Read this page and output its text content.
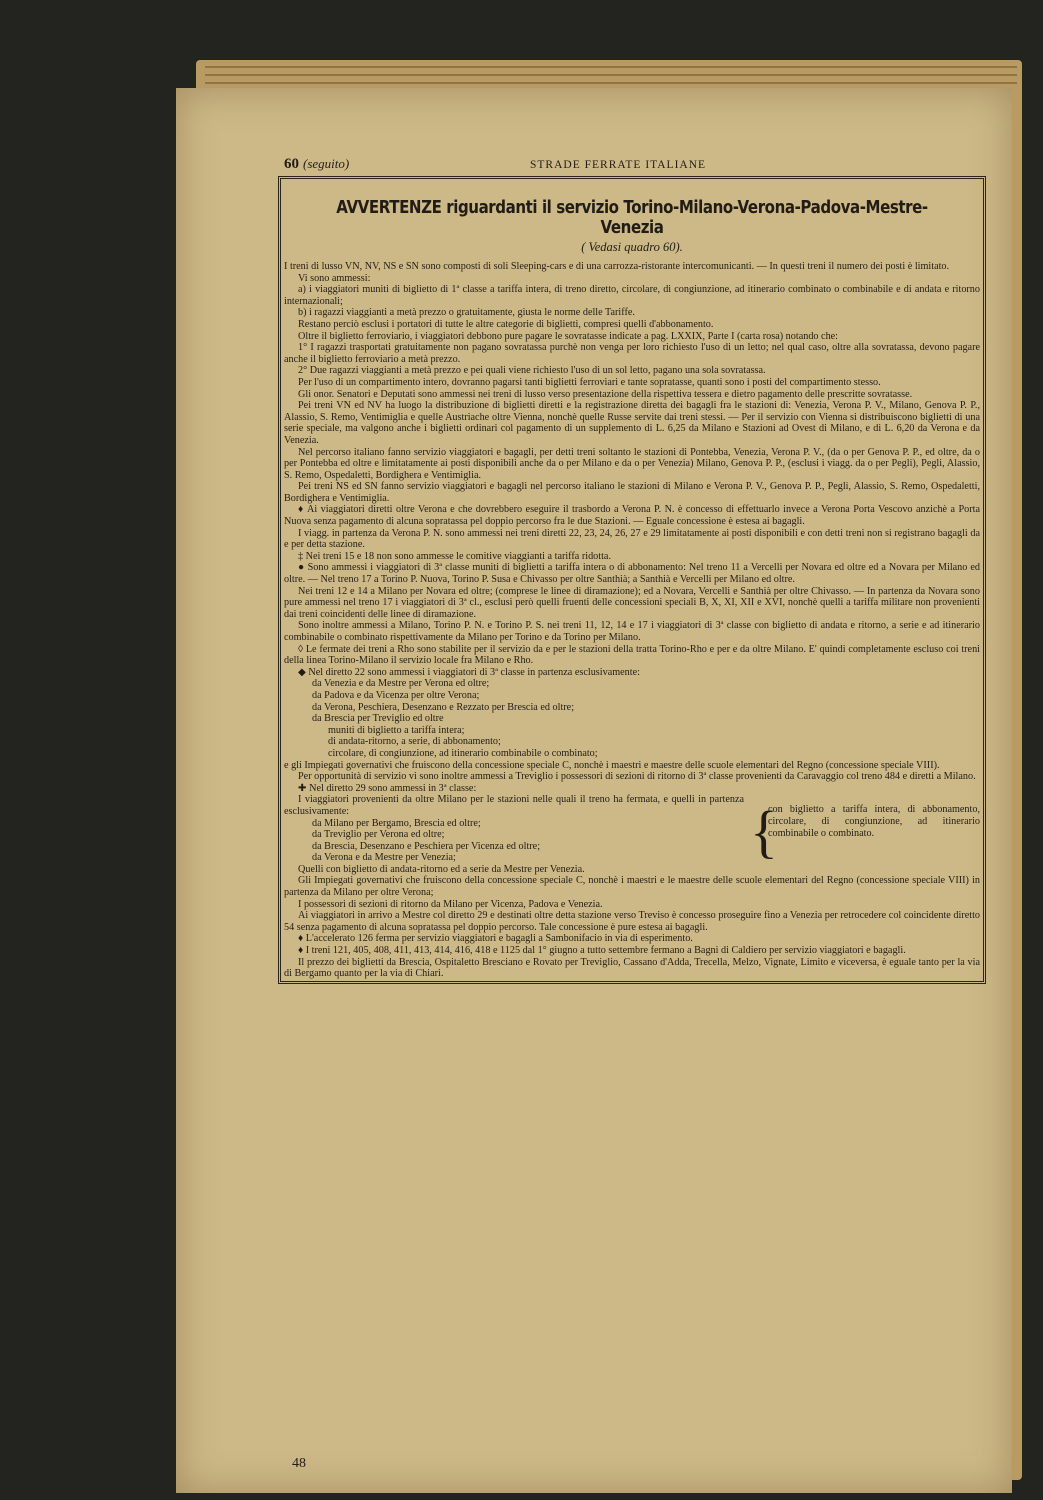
60 (seguito)	STRADE FERRATE ITALIANE
AVVERTENZE riguardanti il servizio Torino-Milano-Verona-Padova-Mestre-Venezia
( Vedasi quadro 60).

I treni di lusso VN, NV, NS e SN sono composti di soli Sleeping-cars e di una carrozza-ristorante intercomunicanti. — In questi treni il numero dei posti è limitato.

Vi sono ammessi:

a) i viaggiatori muniti di biglietto di 1ª classe a tariffa intera, di treno diretto, circolare, di congiunzione, ad itinerario combinato o combinabile e di andata e ritorno internazionali;

b) i ragazzi viaggianti a metà prezzo o gratuitamente, giusta le norme delle Tariffe.

Restano perciò esclusi i portatori di tutte le altre categorie di biglietti, compresi quelli d'abbonamento.

Oltre il biglietto ferroviario, i viaggiatori debbono pure pagare le sovratasse indicate a pag. LXXIX, Parte I (carta rosa) notando che:

1° I ragazzi trasportati gratuitamente non pagano sovratassa purchè non venga per loro richiesto l'uso di un letto; nel qual caso, oltre alla sovratassa, devono pagare anche il biglietto ferroviario a metà prezzo.

2° Due ragazzi viaggianti a metà prezzo e pei quali viene richiesto l'uso di un sol letto, pagano una sola sovratassa.

Per l'uso di un compartimento intero, dovranno pagarsi tanti biglietti ferroviari e tante sopratasse, quanti sono i posti del compartimento stesso.

Gli onor. Senatori e Deputati sono ammessi nei treni di lusso verso presentazione della rispettiva tessera e dietro pagamento delle prescritte sovratasse.

Pei treni VN ed NV ha luogo la distribuzione di biglietti diretti e la registrazione diretta dei bagagli fra le stazioni di: Venezia, Verona P. V., Milano, Genova P. P., Alassio, S. Remo, Ventimiglia e quelle Austriache oltre Vienna, nonchè quelle Russe servite dai treni stessi. — Per il servizio con Vienna si distribuiscono biglietti di una serie speciale, ma valgono anche i biglietti ordinari col pagamento di un supplemento di L. 6,25 da Milano e Stazioni ad Ovest di Milano, e di L. 6,20 da Verona e da Venezia.

Nel percorso italiano fanno servizio viaggiatori e bagagli, per detti treni soltanto le stazioni di Pontebba, Venezia, Verona P. V., (da o per Genova P. P., ed oltre, da o per Pontebba ed oltre e limitatamente ai posti disponibili anche da o per Milano e da o per Venezia) Milano, Genova P. P., (esclusi i viagg. da o per Pegli), Pegli, Alassio, S. Remo, Ospedaletti, Bordighera e Ventimiglia.

Pei treni NS ed SN fanno servizio viaggiatori e bagagli nel percorso italiano le stazioni di Milano e Verona P. V., Genova P. P., Pegli, Alassio, S. Remo, Ospedaletti, Bordighera e Ventimiglia.

♦ Ai viaggiatori diretti oltre Verona e che dovrebbero eseguire il trasbordo a Verona P. N. è concesso di effettuarlo invece a Verona Porta Vescovo anzichè a Porta Nuova senza pagamento di alcuna sopratassa pel doppio percorso fra le due Stazioni. — Eguale concessione è estesa ai bagagli.

I viagg. in partenza da Verona P. N. sono ammessi nei treni diretti 22, 23, 24, 26, 27 e 29 limitatamente ai posti disponibili e con detti treni non si registrano bagagli da e per detta stazione.

‡ Nei treni 15 e 18 non sono ammesse le comitive viaggianti a tariffa ridotta.

● Sono ammessi i viaggiatori di 3ª classe muniti di biglietti a tariffa intera o di abbonamento: Nel treno 11 a Vercelli per Novara ed oltre ed a Novara per Milano ed oltre. — Nel treno 17 a Torino P. Nuova, Torino P. Susa e Chivasso per oltre Santhià; a Santhià e Vercelli per Milano ed oltre.

Nei treni 12 e 14 a Milano per Novara ed oltre; (comprese le linee di diramazione); ed a Novara, Vercelli e Santhià per oltre Chivasso. — In partenza da Novara sono pure ammessi nel treno 17 i viaggiatori di 3ª cl., esclusi però quelli fruenti delle concessioni speciali B, X, XI, XII e XVI, nonchè quelli a tariffa militare non provenienti dai treni coincidenti delle linee di diramazione.

Sono inoltre ammessi a Milano, Torino P. N. e Torino P. S. nei treni 11, 12, 14 e 17 i viaggiatori di 3ª classe con biglietto di andata e ritorno, a serie e ad itinerario combinabile o combinato rispettivamente da Milano per Torino e da Torino per Milano.

◊ Le fermate dei treni a Rho sono stabilite per il servizio da e per le stazioni della tratta Torino-Rho e per e da oltre Milano. E' quindi completamente escluso coi treni della linea Torino-Milano il servizio locale fra Milano e Rho.

◆ Nel diretto 22 sono ammessi i viaggiatori di 3ª classe in partenza esclusivamente:

da Venezia e da Mestre per Verona ed oltre;

da Padova e da Vicenza per oltre Verona;

da Verona, Peschiera, Desenzano e Rezzato per Brescia ed oltre;

da Brescia per Treviglio ed oltre

muniti di biglietto a tariffa intera;

di andata-ritorno, a serie, di abbonamento;

circolare, di congiunzione, ad itinerario combinabile o combinato;

e gli Impiegati governativi che fruiscono della concessione speciale C, nonchè i maestri e maestre delle scuole elementari del Regno (concessione speciale VIII).

Per opportunità di servizio vi sono inoltre ammessi a Treviglio i possessori di sezioni di ritorno di 3ª classe provenienti da Caravaggio col treno 484 e diretti a Milano.

✚ Nel diretto 29 sono ammessi in 3ª classe:

I viaggiatori provenienti da oltre Milano per le stazioni nelle quali il treno ha fermata, e quelli in partenza esclusivamente:

da Milano per Bergamo, Brescia ed oltre;

da Treviglio per Verona ed oltre;

da Brescia, Desenzano e Peschiera per Vicenza ed oltre;

da Verona e da Mestre per Venezia;	{
con biglietto a tariffa intera, di abbonamento, circolare, di congiunzione, ad itinerario combinabile o combinato.

Quelli con biglietto di andata-ritorno ed a serie da Mestre per Venezia.

Gli Impiegati governativi che fruiscono della concessione speciale C, nonchè i maestri e le maestre delle scuole elementari del Regno (concessione speciale VIII) in partenza da Milano per oltre Verona;

I possessori di sezioni di ritorno da Milano per Vicenza, Padova e Venezia.

Ai viaggiatori in arrivo a Mestre col diretto 29 e destinati oltre detta stazione verso Treviso è concesso proseguire fino a Venezia per retrocedere col coincidente diretto 54 senza pagamento di alcuna sopratassa pel doppio percorso. Tale concessione è pure estesa ai bagagli.

♦ L'accelerato 126 ferma per servizio viaggiatori e bagagli a Sambonifacio in via di esperimento.

♦ I treni 121, 405, 408, 411, 413, 414, 416, 418 e 1125 dal 1° giugno a tutto settembre fermano a Bagni di Caldiero per servizio viaggiatori e bagagli.

Il prezzo dei biglietti da Brescia, Ospitaletto Bresciano e Rovato per Treviglio, Cassano d'Adda, Trecella, Melzo, Vignate, Limito e viceversa, è eguale tanto per la via di Bergamo quanto per la via di Chiari.

48
